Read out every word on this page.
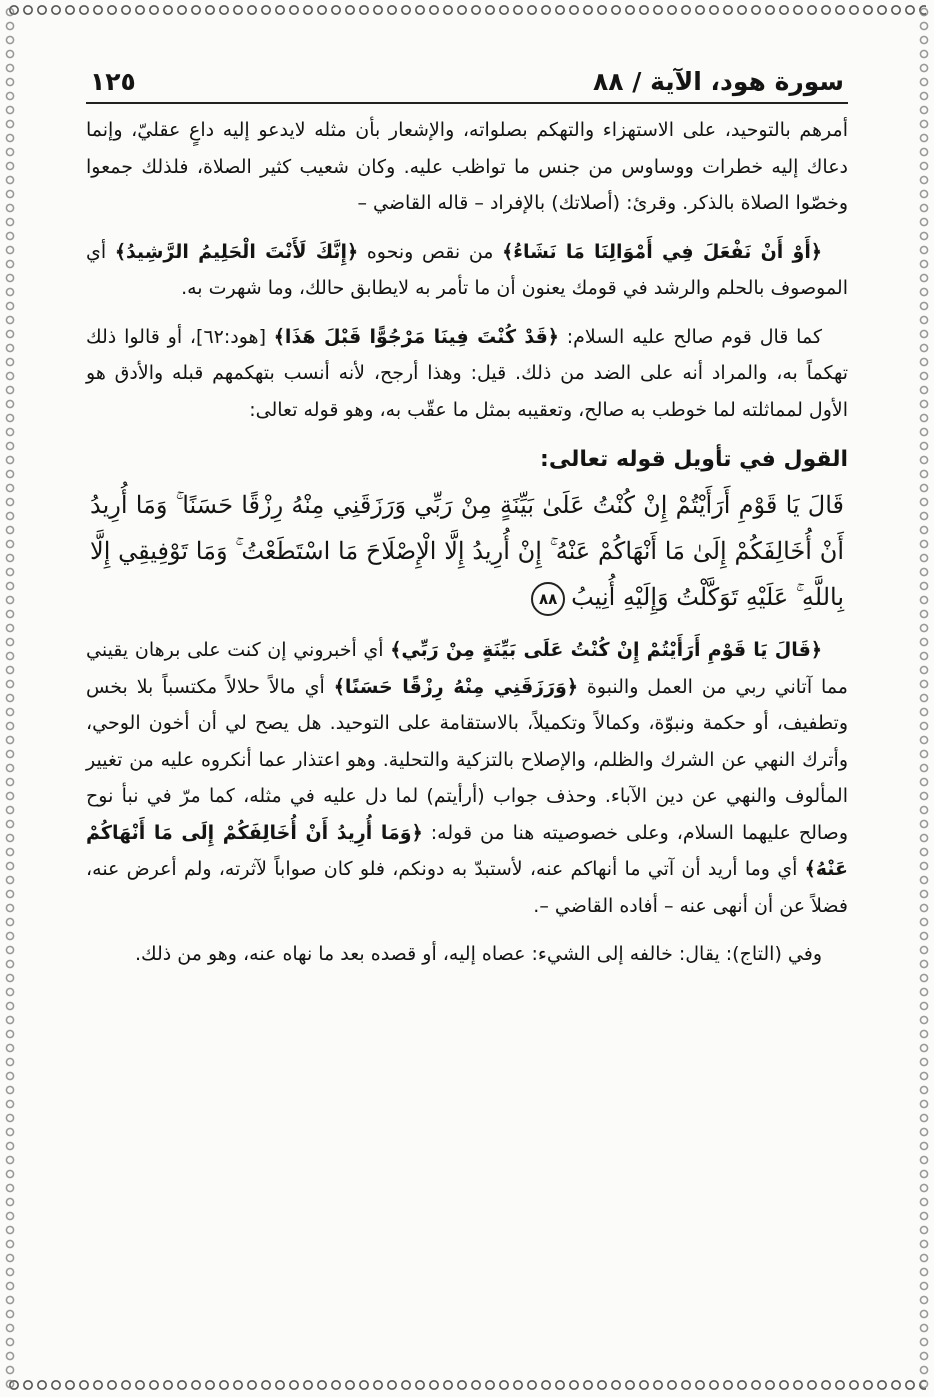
سورة هود، الآية / ٨٨
١٢٥

أمرهم بالتوحيد، على الاستهزاء والتهكم بصلواته، والإشعار بأن مثله لايدعو إليه داعٍ عقليّ، وإنما دعاك إليه خطرات ووساوس من جنس ما تواظب عليه. وكان شعيب كثير الصلاة، فلذلك جمعوا وخصّوا الصلاة بالذكر. وقرئ: (أصلاتك) بالإفراد – قاله القاضي –

﴿أَوْ أَنْ نَفْعَلَ فِي أَمْوَالِنَا مَا نَشَاءُ﴾ من نقص ونحوه ﴿إِنَّكَ لَأَنْتَ الْحَلِيمُ الرَّشِيدُ﴾ أي الموصوف بالحلم والرشد في قومك يعنون أن ما تأمر به لايطابق حالك، وما شهرت به.

كما قال قوم صالح عليه السلام: ﴿قَدْ كُنْتَ فِينَا مَرْجُوًّا قَبْلَ هَذَا﴾ [هود:٦٢]، أو قالوا ذلك تهكماً به، والمراد أنه على الضد من ذلك. قيل: وهذا أرجح، لأنه أنسب بتهكمهم قبله والأدق هو الأول لمماثلته لما خوطب به صالح، وتعقيبه بمثل ما عقّب به، وهو قوله تعالى:

القول في تأويل قوله تعالى:

قَالَ يَا قَوْمِ أَرَأَيْتُمْ إِنْ كُنْتُ عَلَىٰ بَيِّنَةٍ مِنْ رَبِّي وَرَزَقَنِي مِنْهُ رِزْقًا حَسَنًا ۚ وَمَا أُرِيدُ أَنْ أُخَالِفَكُمْ إِلَىٰ مَا أَنْهَاكُمْ عَنْهُ ۚ إِنْ أُرِيدُ إِلَّا الْإِصْلَاحَ مَا اسْتَطَعْتُ ۚ وَمَا تَوْفِيقِي إِلَّا بِاللَّهِ ۚ عَلَيْهِ تَوَكَّلْتُ وَإِلَيْهِ أُنِيبُ٨٨

﴿قَالَ يَا قَوْمِ أَرَأَيْتُمْ إِنْ كُنْتُ عَلَى بَيِّنَةٍ مِنْ رَبِّي﴾ أي أخبروني إن كنت على برهان يقيني مما آتاني ربي من العمل والنبوة ﴿وَرَزَقَنِي مِنْهُ رِزْقًا حَسَنًا﴾ أي مالاً حلالاً مكتسباً بلا بخس وتطفيف، أو حكمة ونبوّة، وكمالاً وتكميلاً، بالاستقامة على التوحيد. هل يصح لي أن أخون الوحي، وأترك النهي عن الشرك والظلم، والإصلاح بالتزكية والتحلية. وهو اعتذار عما أنكروه عليه من تغيير المألوف والنهي عن دين الآباء. وحذف جواب (أرأيتم) لما دل عليه في مثله، كما مرّ في نبأ نوح وصالح عليهما السلام، وعلى خصوصيته هنا من قوله: ﴿وَمَا أُرِيدُ أَنْ أُخَالِفَكُمْ إِلَى مَا أَنْهَاكُمْ عَنْهُ﴾ أي وما أريد أن آتي ما أنهاكم عنه، لأستبدّ به دونكم، فلو كان صواباً لآثرته، ولم أعرض عنه، فضلاً عن أن أنهى عنه – أفاده القاضي –.

وفي (التاج): يقال: خالفه إلى الشيء: عصاه إليه، أو قصده بعد ما نهاه عنه، وهو من ذلك.
